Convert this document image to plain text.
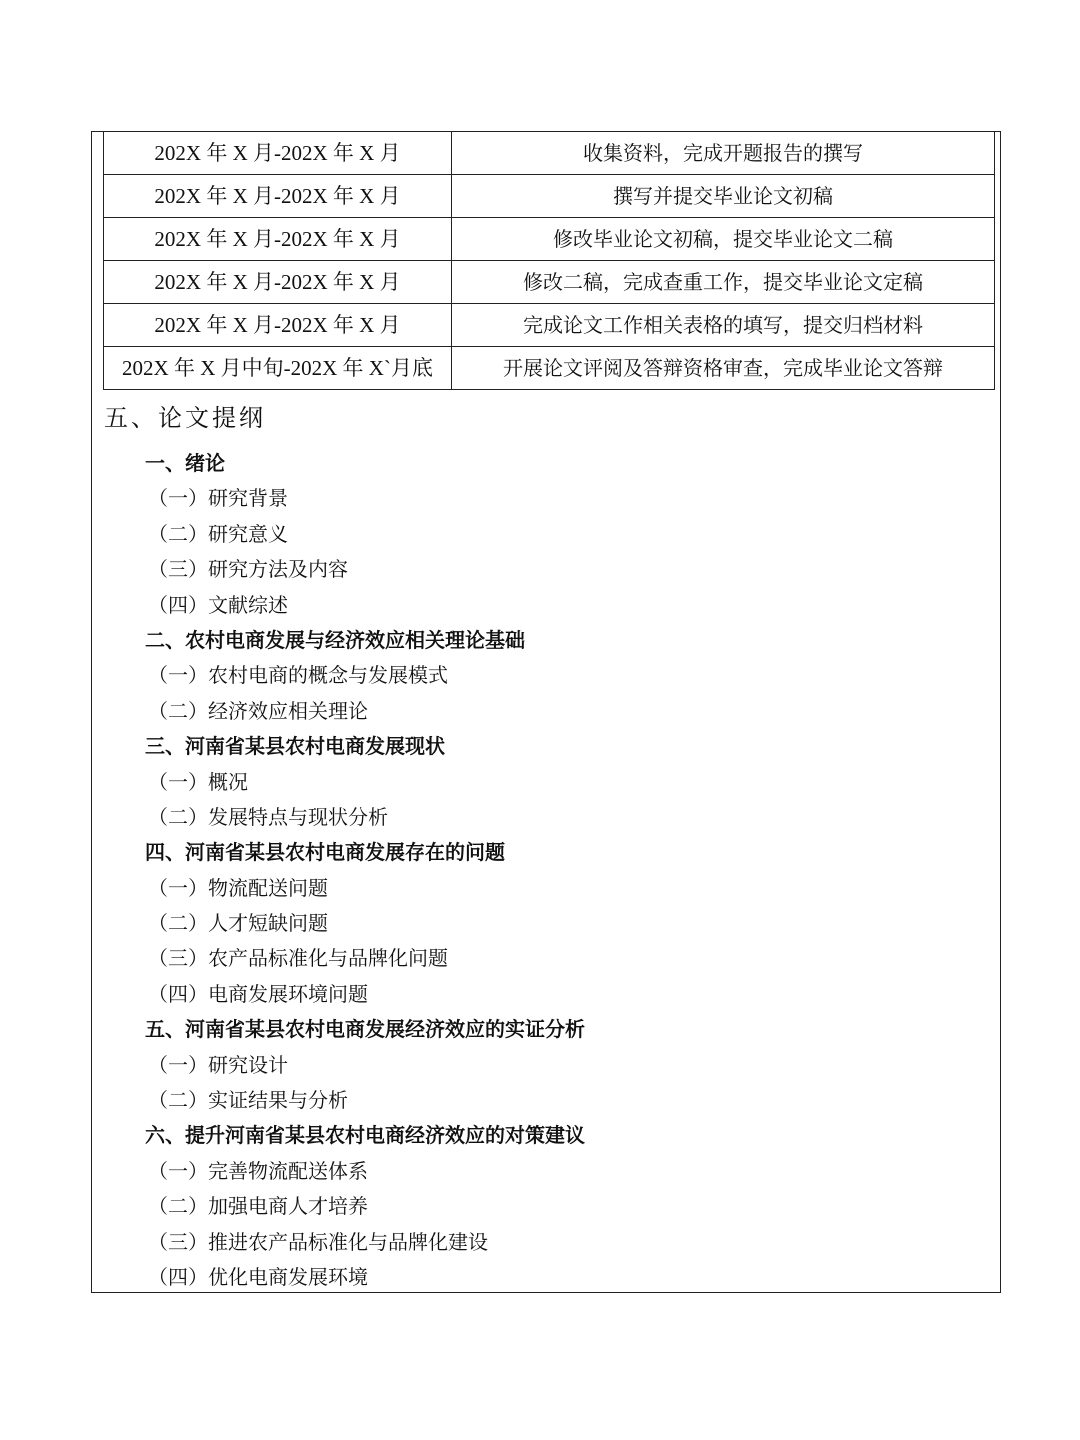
202X 年 X 月-202X 年 X 月	收集资料，完成开题报告的撰写
202X 年 X 月-202X 年 X 月	撰写并提交毕业论文初稿
202X 年 X 月-202X 年 X 月	修改毕业论文初稿，提交毕业论文二稿
202X 年 X 月-202X 年 X 月	修改二稿，完成查重工作，提交毕业论文定稿
202X 年 X 月-202X 年 X 月	完成论文工作相关表格的填写，提交归档材料
202X 年 X 月中旬-202X 年 X`月底	开展论文评阅及答辩资格审查，完成毕业论文答辩
五、论文提纲
一、绪论
（一）研究背景
（二）研究意义
（三）研究方法及内容
（四）文献综述
二、农村电商发展与经济效应相关理论基础
（一）农村电商的概念与发展模式
（二）经济效应相关理论
三、河南省某县农村电商发展现状
（一）概况
（二）发展特点与现状分析
四、河南省某县农村电商发展存在的问题
（一）物流配送问题
（二）人才短缺问题
（三）农产品标准化与品牌化问题
（四）电商发展环境问题
五、河南省某县农村电商发展经济效应的实证分析
（一）研究设计
（二）实证结果与分析
六、提升河南省某县农村电商经济效应的对策建议
（一）完善物流配送体系
（二）加强电商人才培养
（三）推进农产品标准化与品牌化建设
（四）优化电商发展环境
